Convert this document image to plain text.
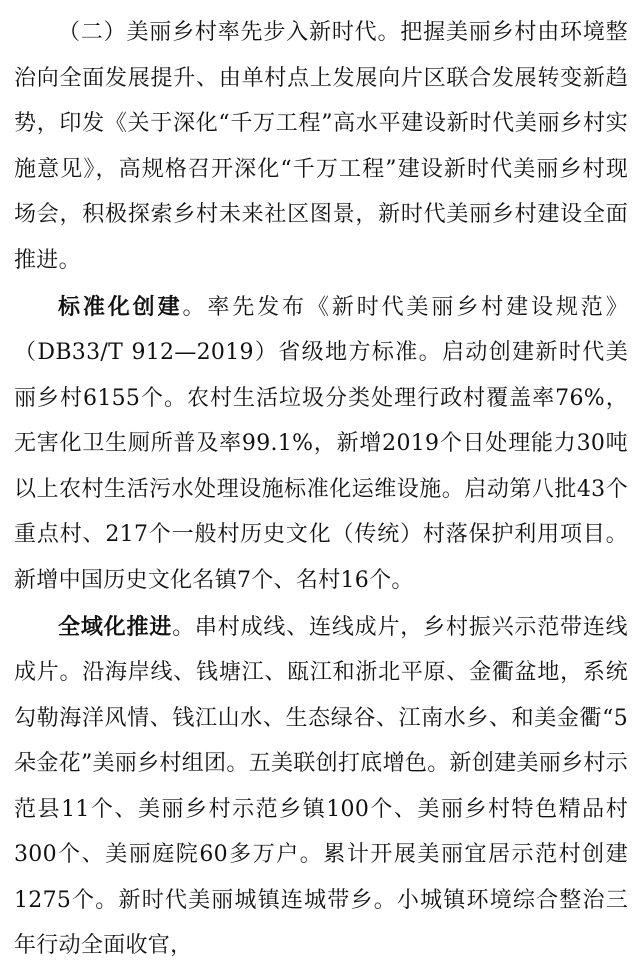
（二）美丽乡村率先步入新时代。把握美丽乡村由环境整治向全面发展提升、由单村点上发展向片区联合发展转变新趋势，印发《关于深化“千万工程”高水平建设新时代美丽乡村实施意见》，高规格召开深化“千万工程”建设新时代美丽乡村现场会，积极探索乡村未来社区图景，新时代美丽乡村建设全面推进。

标准化创建。率先发布《新时代美丽乡村建设规范》（DB33/T 912—2019）省级地方标准。启动创建新时代美丽乡村6155个。农村生活垃圾分类处理行政村覆盖率76%，无害化卫生厕所普及率99.1%，新增2019个日处理能力30吨以上农村生活污水处理设施标准化运维设施。启动第八批43个重点村、217个一般村历史文化（传统）村落保护利用项目。新增中国历史文化名镇7个、名村16个。

全域化推进。串村成线、连线成片，乡村振兴示范带连线成片。沿海岸线、钱塘江、瓯江和浙北平原、金衢盆地，系统勾勒海洋风情、钱江山水、生态绿谷、江南水乡、和美金衢“5朵金花”美丽乡村组团。五美联创打底增色。新创建美丽乡村示范县11个、美丽乡村示范乡镇100个、美丽乡村特色精品村300个、美丽庭院60多万户。累计开展美丽宜居示范村创建1275个。新时代美丽城镇连城带乡。小城镇环境综合整治三年行动全面收官，
